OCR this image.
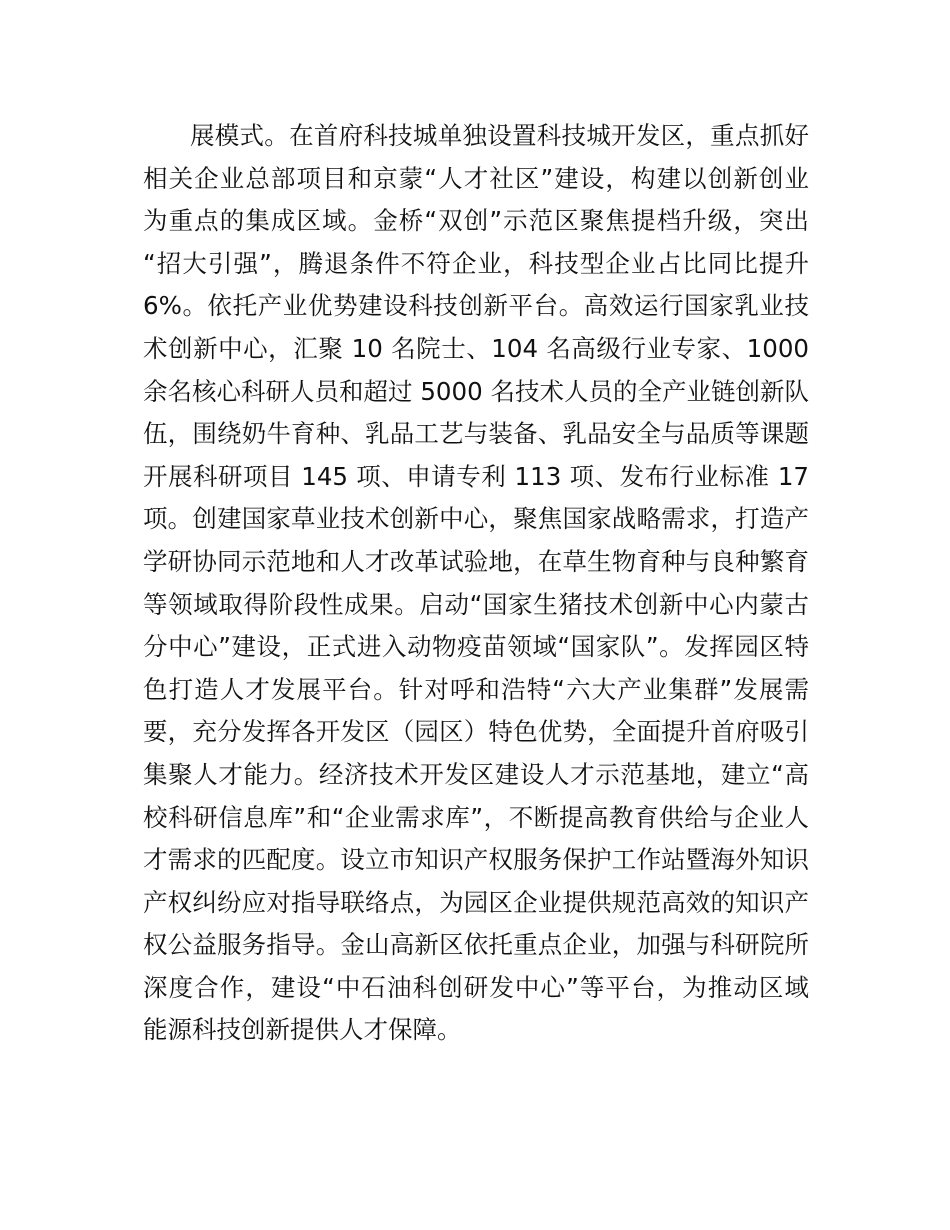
展模式。在首府科技城单独设置科技城开发区，重点抓好
相关企业总部项目和京蒙“人才社区”建设，构建以创新创业
为重点的集成区域。金桥“双创”示范区聚焦提档升级，突出
“招大引强”，腾退条件不符企业，科技型企业占比同比提升
6%。依托产业优势建设科技创新平台。高效运行国家乳业技
术创新中心，汇聚 10 名院士、104 名高级行业专家、1000
余名核心科研人员和超过 5000 名技术人员的全产业链创新队
伍，围绕奶牛育种、乳品工艺与装备、乳品安全与品质等课题
开展科研项目 145 项、申请专利 113 项、发布行业标准 17
项。创建国家草业技术创新中心，聚焦国家战略需求，打造产
学研协同示范地和人才改革试验地，在草生物育种与良种繁育
等领域取得阶段性成果。启动“国家生猪技术创新中心内蒙古
分中心”建设，正式进入动物疫苗领域“国家队”。发挥园区特
色打造人才发展平台。针对呼和浩特“六大产业集群”发展需
要，充分发挥各开发区（园区）特色优势，全面提升首府吸引
集聚人才能力。经济技术开发区建设人才示范基地，建立“高
校科研信息库”和“企业需求库”，不断提高教育供给与企业人
才需求的匹配度。设立市知识产权服务保护工作站暨海外知识
产权纠纷应对指导联络点，为园区企业提供规范高效的知识产
权公益服务指导。金山高新区依托重点企业，加强与科研院所
深度合作，建设“中石油科创研发中心”等平台，为推动区域
能源科技创新提供人才保障。
